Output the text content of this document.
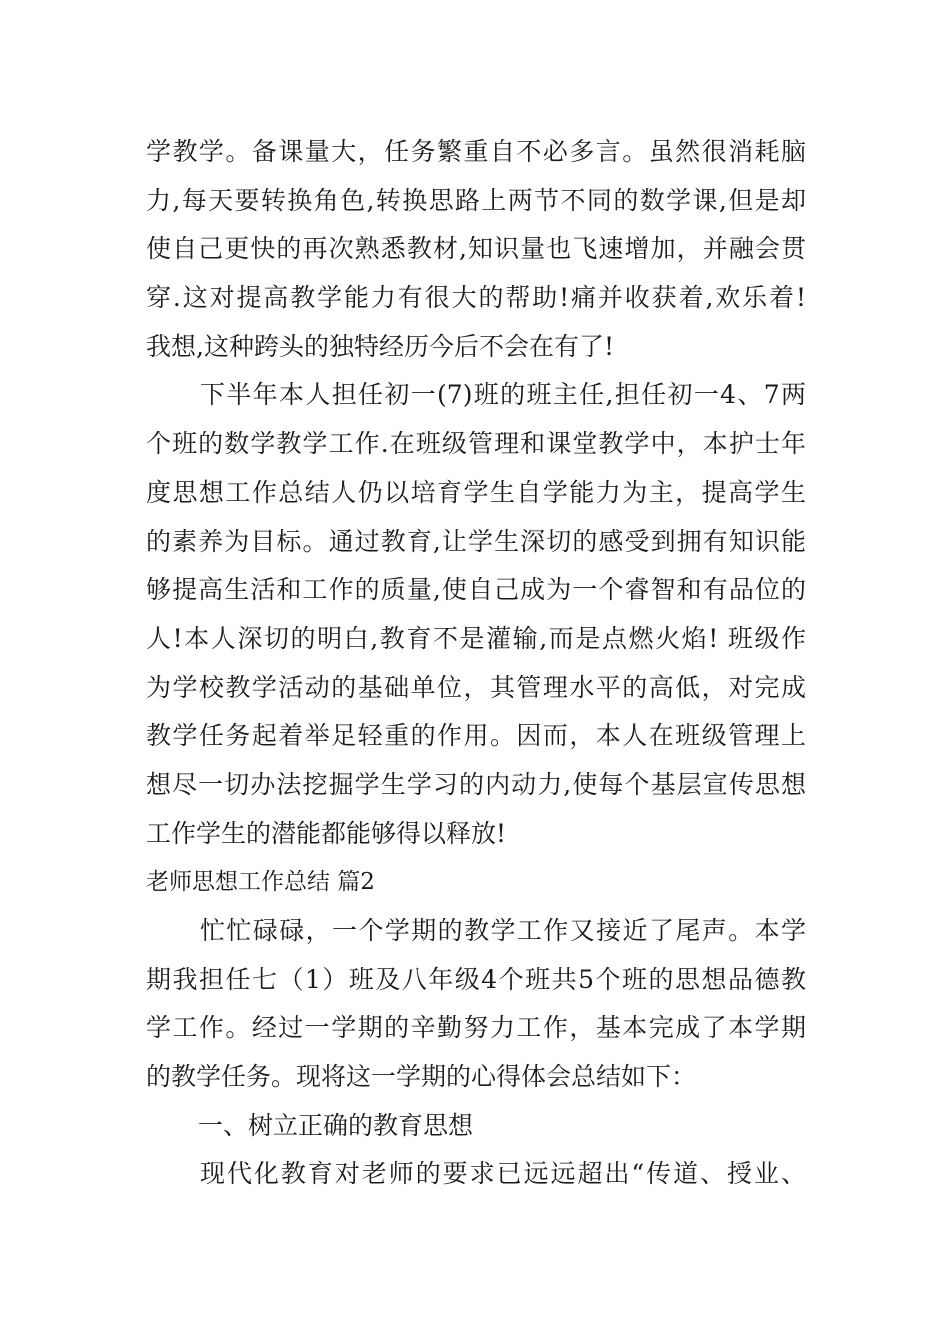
学教学。备课量大，任务繁重自不必多言。虽然很消耗脑
力,每天要转换角色,转换思路上两节不同的数学课,但是却
使自己更快的再次熟悉教材,知识量也飞速增加，并融会贯
穿.这对提高教学能力有很大的帮助!痛并收获着,欢乐着!
我想,这种跨头的独特经历今后不会在有了!
下半年本人担任初一(7)班的班主任,担任初一4、7两
个班的数学教学工作.在班级管理和课堂教学中，本护士年
度思想工作总结人仍以培育学生自学能力为主，提高学生
的素养为目标。通过教育,让学生深切的感受到拥有知识能
够提高生活和工作的质量,使自己成为一个睿智和有品位的
人!本人深切的明白,教育不是灌输,而是点燃火焰! 班级作
为学校教学活动的基础单位，其管理水平的高低，对完成
教学任务起着举足轻重的作用。因而，本人在班级管理上
想尽一切办法挖掘学生学习的内动力,使每个基层宣传思想
工作学生的潜能都能够得以释放!
老师思想工作总结 篇2
忙忙碌碌，一个学期的教学工作又接近了尾声。本学
期我担任七（1）班及八年级4个班共5个班的思想品德教
学工作。经过一学期的辛勤努力工作，基本完成了本学期
的教学任务。现将这一学期的心得体会总结如下：
一、树立正确的教育思想
现代化教育对老师的要求已远远超出“传道、授业、
